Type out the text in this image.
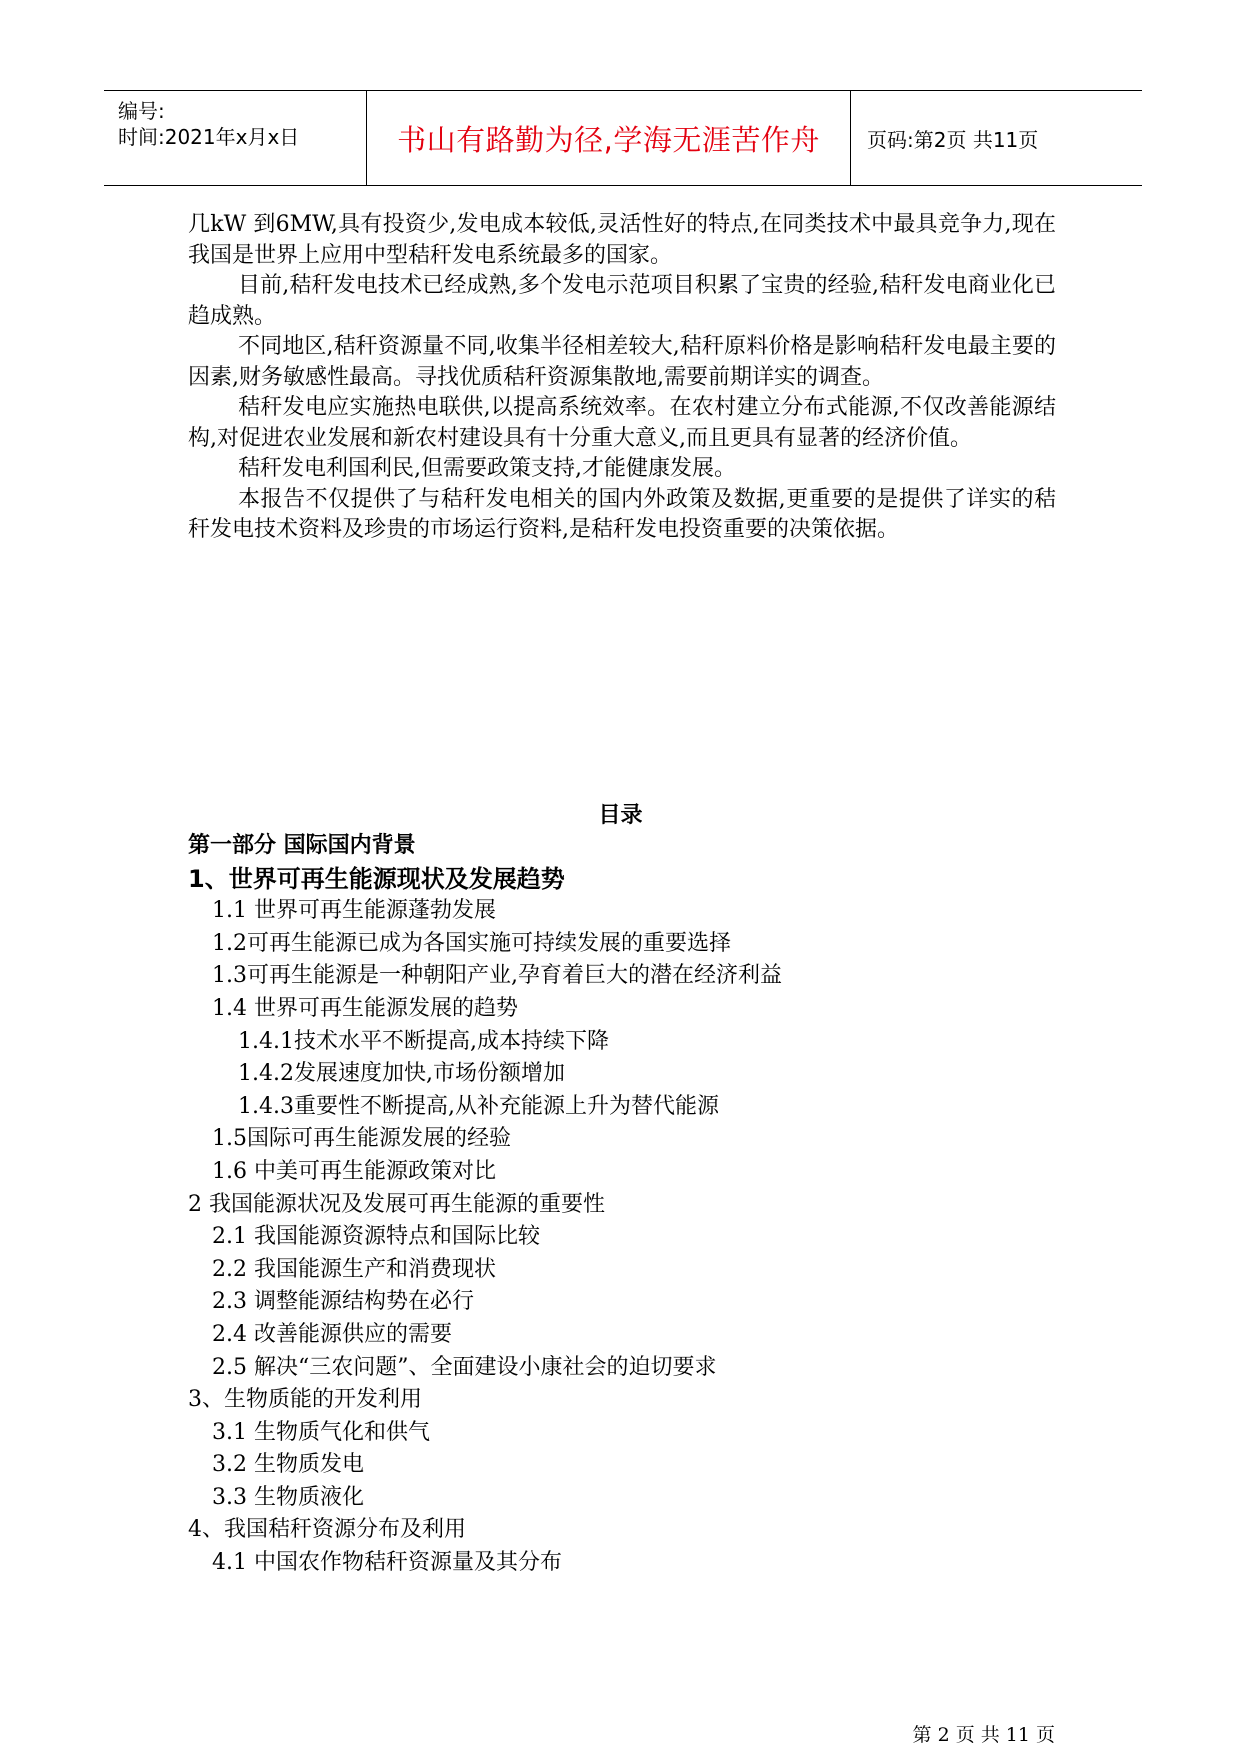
编号:
时间:2021年x月x日	书山有路勤为径,学海无涯苦作舟 页码:第2页 共11页

几kW 到6MW,具有投资少,发电成本较低,灵活性好的特点,在同类技术中最具竞争力,现在我国是世界上应用中型秸秆发电系统最多的国家。

目前,秸秆发电技术已经成熟,多个发电示范项目积累了宝贵的经验,秸秆发电商业化已趋成熟。

不同地区,秸秆资源量不同,收集半径相差较大,秸秆原料价格是影响秸秆发电最主要的因素,财务敏感性最高。寻找优质秸秆资源集散地,需要前期详实的调查。

秸秆发电应实施热电联供,以提高系统效率。在农村建立分布式能源,不仅改善能源结构,对促进农业发展和新农村建设具有十分重大意义,而且更具有显著的经济价值。

秸秆发电利国利民,但需要政策支持,才能健康发展。

本报告不仅提供了与秸秆发电相关的国内外政策及数据,更重要的是提供了详实的秸秆发电技术资料及珍贵的市场运行资料,是秸秆发电投资重要的决策依据。

目录
第一部分 国际国内背景
1、世界可再生能源现状及发展趋势
1.1 世界可再生能源蓬勃发展
1.2可再生能源已成为各国实施可持续发展的重要选择
1.3可再生能源是一种朝阳产业,孕育着巨大的潜在经济利益
1.4 世界可再生能源发展的趋势
1.4.1技术水平不断提高,成本持续下降
1.4.2发展速度加快,市场份额增加
1.4.3重要性不断提高,从补充能源上升为替代能源
1.5国际可再生能源发展的经验
1.6 中美可再生能源政策对比
2 我国能源状况及发展可再生能源的重要性
2.1 我国能源资源特点和国际比较
2.2 我国能源生产和消费现状
2.3 调整能源结构势在必行
2.4 改善能源供应的需要
2.5 解决“三农问题”、全面建设小康社会的迫切要求
3、生物质能的开发利用
3.1 生物质气化和供气
3.2 生物质发电
3.3 生物质液化
4、我国秸秆资源分布及利用
4.1 中国农作物秸秆资源量及其分布
第 2 页 共 11 页
